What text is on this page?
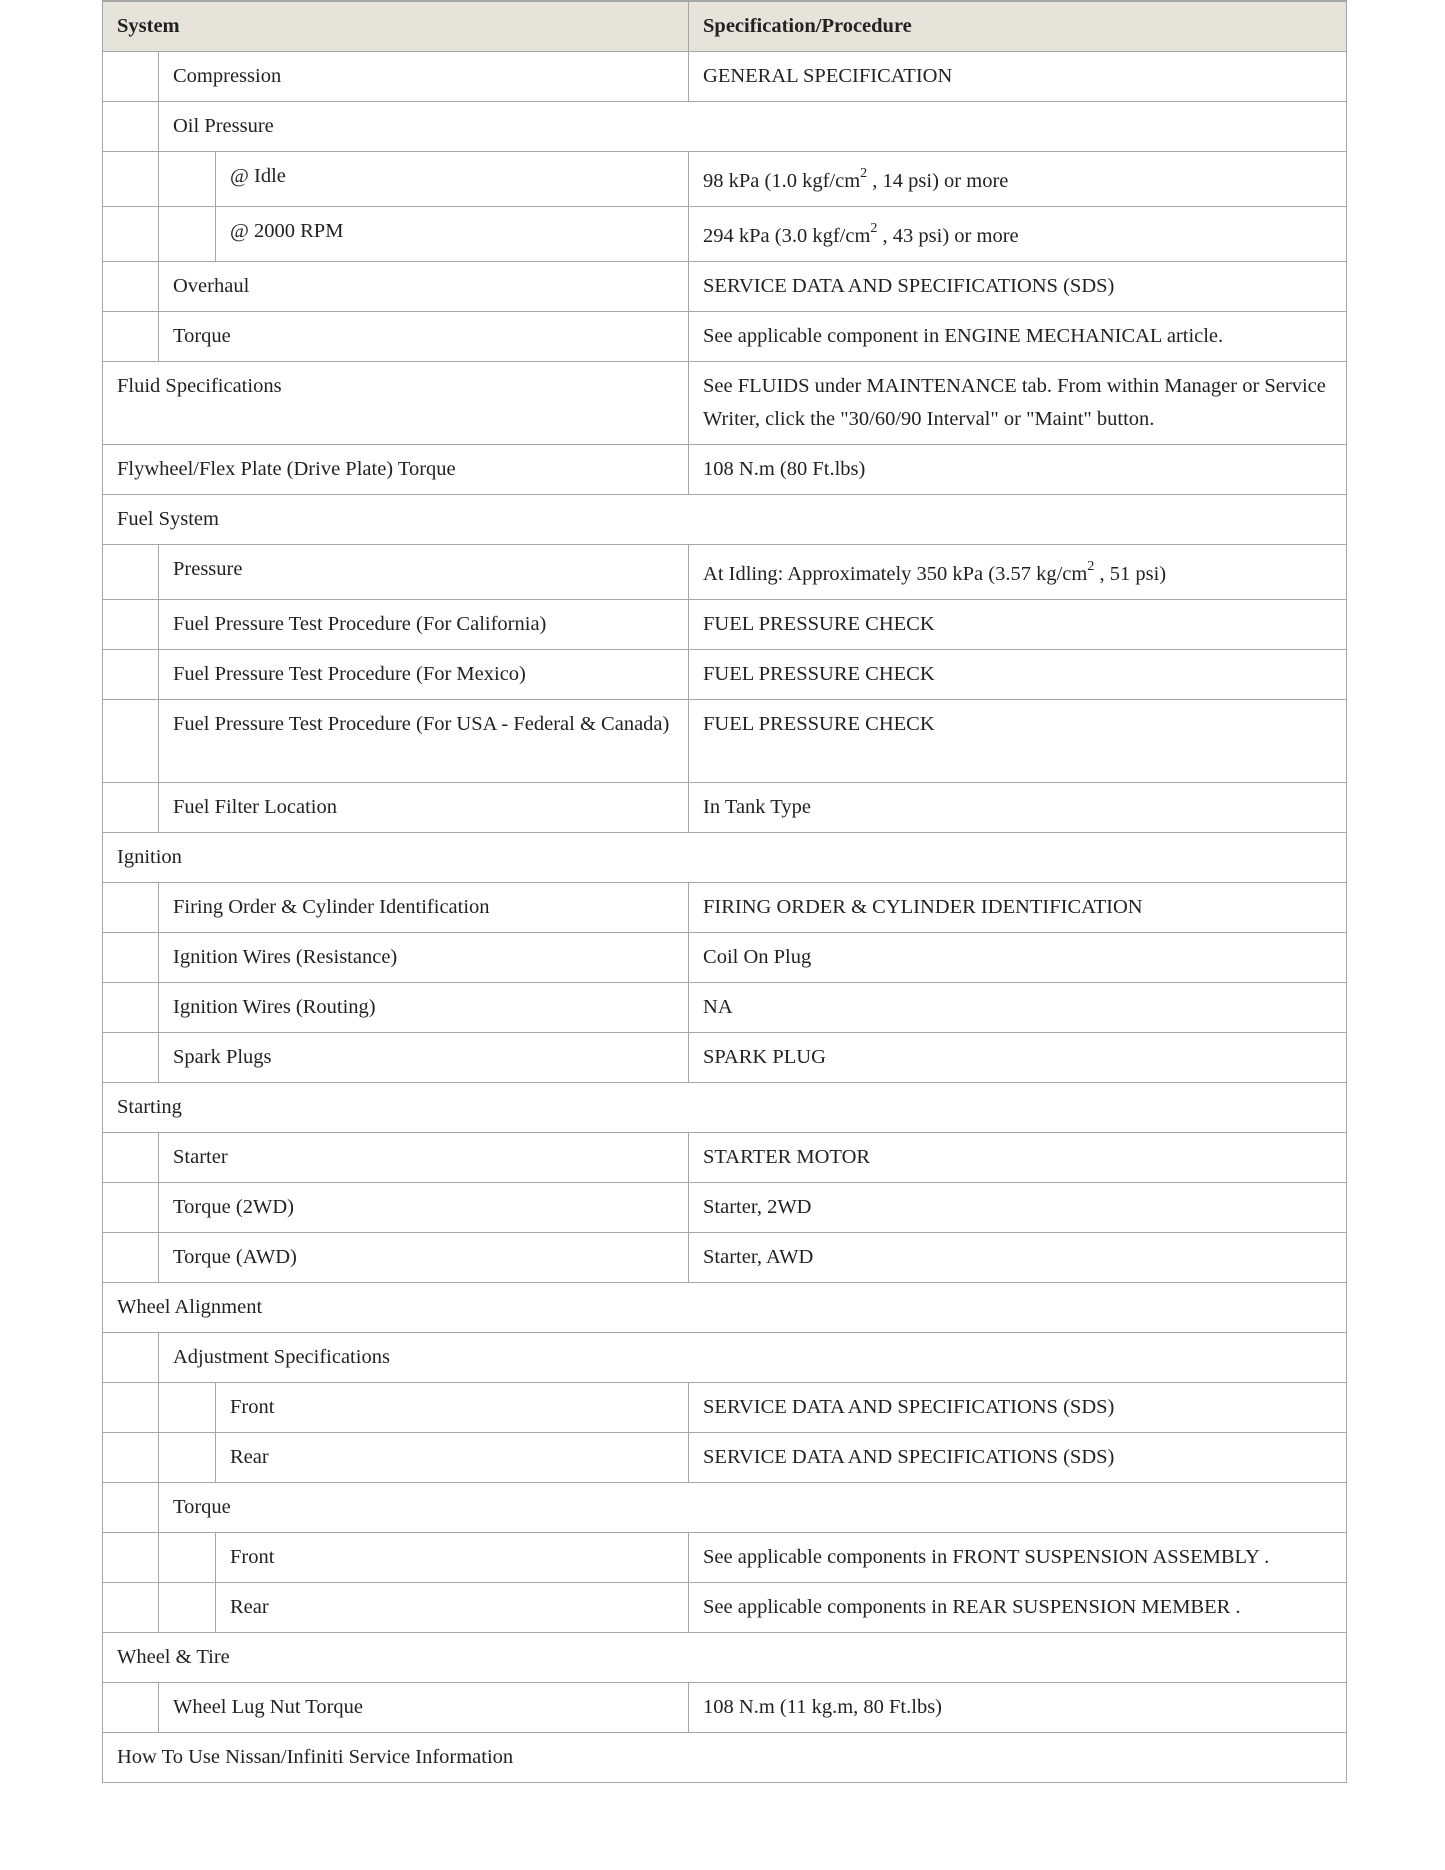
System			Specification/Procedure
	Compression		GENERAL SPECIFICATION
	Oil Pressure		
		@ Idle	98 kPa (1.0 kgf/$cm^2$ , 14 psi) or more
		@ 2000 RPM	294 kPa (3.0 kgf/$cm^2$ , 43 psi) or more
	Overhaul		SERVICE DATA AND SPECIFICATIONS (SDS)
	Torque		See applicable component in ENGINE MECHANICAL article.
Fluid Specifications			See FLUIDS under MAINTENANCE tab. From within Manager or Service Writer, click the "30/60/90 Interval" or "Maint" button.
Flywheel/Flex Plate (Drive Plate) Torque			108 N.m (80 Ft.lbs)
Fuel System			
	Pressure		At Idling: Approximately 350 kPa (3.57 $kg/cm^2$ , 51 psi)
	Fuel Pressure Test Procedure (For California)		FUEL PRESSURE CHECK
	Fuel Pressure Test Procedure (For Mexico)		FUEL PRESSURE CHECK
	Fuel Pressure Test Procedure (For USA - Federal & Canada)		FUEL PRESSURE CHECK
	Fuel Filter Location		In Tank Type
Ignition			
	Firing Order & Cylinder Identification		FIRING ORDER & CYLINDER IDENTIFICATION
	Ignition Wires (Resistance)		Coil On Plug
	Ignition Wires (Routing)		NA
	Spark Plugs		SPARK PLUG
Starting			
	Starter		STARTER MOTOR
	Torque (2WD)		Starter, 2WD
	Torque (AWD)		Starter, AWD
Wheel Alignment			
	Adjustment Specifications		
		Front	SERVICE DATA AND SPECIFICATIONS (SDS)
		Rear	SERVICE DATA AND SPECIFICATIONS (SDS)
	Torque		
		Front	See applicable components in FRONT SUSPENSION ASSEMBLY .
		Rear	See applicable components in REAR SUSPENSION MEMBER .
Wheel & Tire			
	Wheel Lug Nut Torque		108 N.m (11 kg.m, 80 Ft.lbs)
How To Use Nissan/Infiniti Service Information			
